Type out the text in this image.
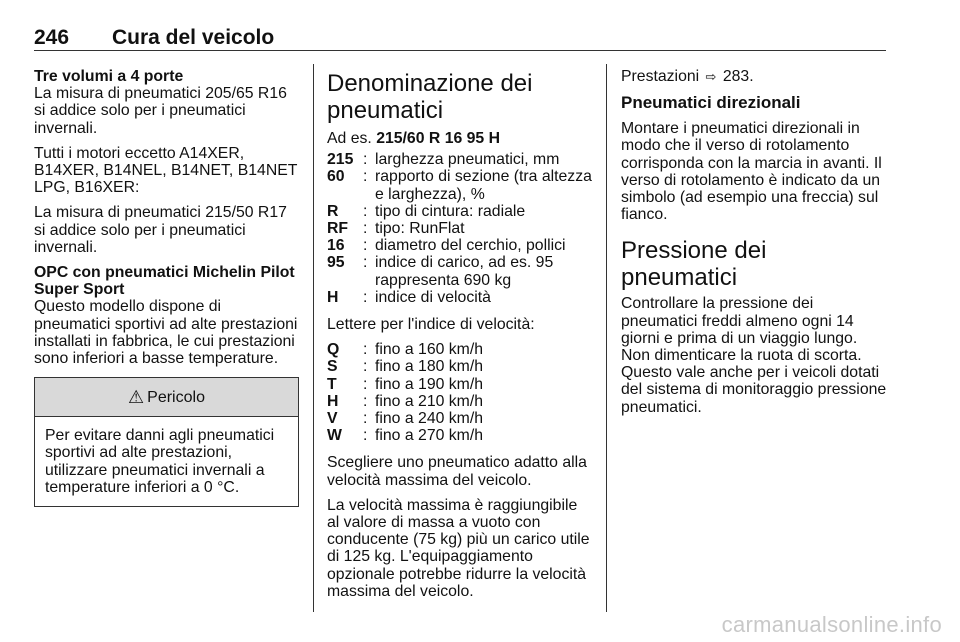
246 Cura del veicolo
Tre volumi a 4 porte

La misura di pneumatici 205/65 R16 si addice solo per i pneumatici invernali.

Tutti i motori eccetto A14XER, B14XER, B14NEL, B14NET, B14NET LPG, B16XER:

La misura di pneumatici 215/50 R17 si addice solo per i pneumatici invernali.

OPC con pneumatici Michelin Pilot Super Sport

Questo modello dispone di pneumatici sportivi ad alte prestazioni installati in fabbrica, le cui prestazioni sono inferiori a basse temperature.

⚠ Pericolo
Per evitare danni agli pneumatici sportivi ad alte prestazioni, utilizzare pneumatici invernali a temperature inferiori a 0 °C.
Denominazione dei pneumatici

Ad es. 215/60 R 16 95 H

215 : larghezza pneumatici, mm
60	: rapporto di sezione (tra altezza e larghezza), %
R	: tipo di cintura: radiale
RF : tipo: RunFlat
16	: diametro del cerchio, pollici
95	: indice di carico, ad es. 95 rappresenta 690 kg
H	: indice di velocità

Lettere per l'indice di velocità:

Q	: fino a 160 km/h
S	: fino a 180 km/h
T	: fino a 190 km/h
H	: fino a 210 km/h
V	: fino a 240 km/h
W	: fino a 270 km/h

Scegliere uno pneumatico adatto alla velocità massima del veicolo.

La velocità massima è raggiungibile al valore di massa a vuoto con conducente (75 kg) più un carico utile di 125 kg. L'equipaggiamento opzionale potrebbe ridurre la velocità massima del veicolo.

Prestazioni ⇨ 283.

Pneumatici direzionali

Montare i pneumatici direzionali in modo che il verso di rotolamento corrisponda con la marcia in avanti. Il verso di rotolamento è indicato da un simbolo (ad esempio una freccia) sul fianco.

Pressione dei pneumatici

Controllare la pressione dei pneumatici freddi almeno ogni 14 giorni e prima di un viaggio lungo. Non dimenticare la ruota di scorta. Questo vale anche per i veicoli dotati del sistema di monitoraggio pressione pneumatici.

carmanualsonline.info
